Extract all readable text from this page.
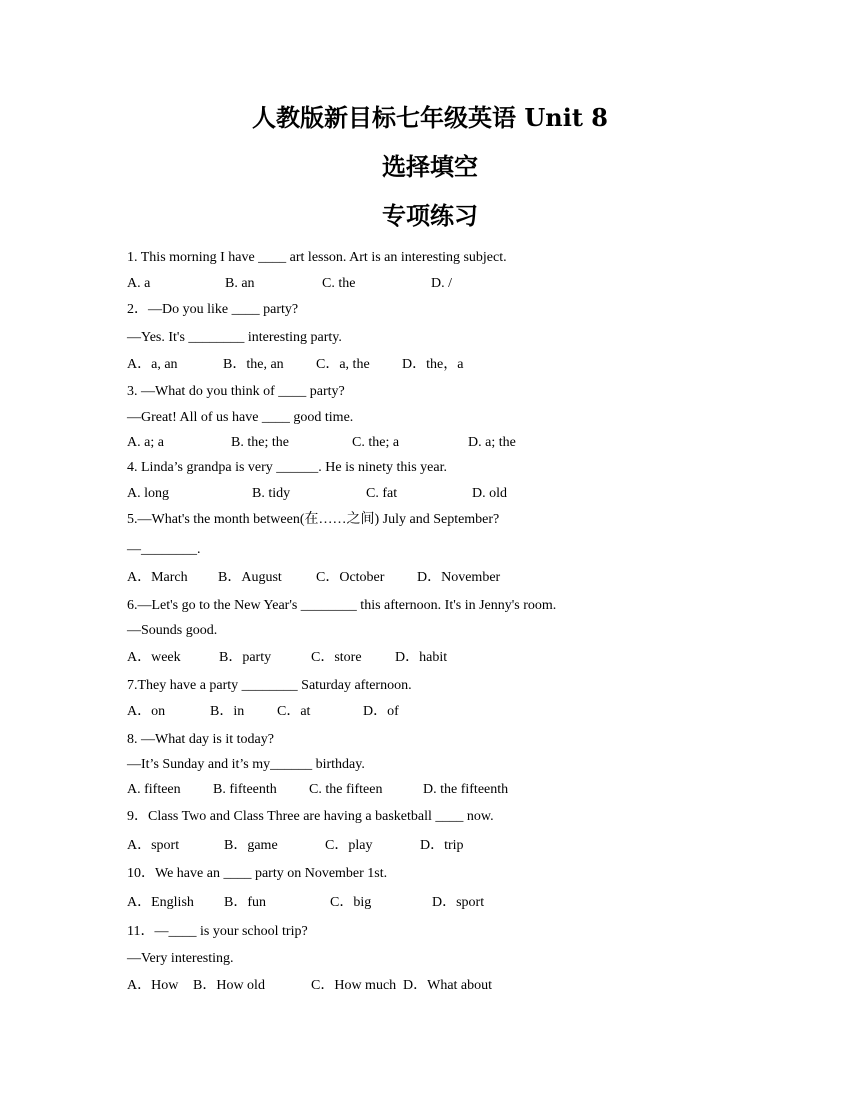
人教版新目标七年级英语 Unit 8
选择填空
专项练习
1. This morning I have ____ art lesson. Art is an interesting subject.
A. a	B. an	C. the	D. /
2．—Do you like ____ party?
—Yes. It's ________ interesting party.
A．a, an	B．the, an C．a, the D．the，a
3. —What do you think of ____ party?
—Great! All of us have ____ good time.
A. a; a	B. the; the	C. the; a	D. a; the
4. Linda’s grandpa is very ______. He is ninety this year.
A. long	B. tidy	C. fat	D. old
5.—What's the month between(在……之间) July and September?
—________.
A．March B．August C．October D．November
6.—Let's go to the New Year's ________ this afternoon. It's in Jenny's room.
—Sounds good.
A．week	B．party	C．store D．habit
7.They have a party ________ Saturday afternoon.
A．on	B．in C．at	D．of
8. —What day is it today?
—It’s Sunday and it’s my______ birthday.
A. fifteen B. fifteenth C. the fifteen	D. the fifteenth
9．Class Two and Class Three are having a basketball ____ now.
A．sport	B．game	C．play	D．trip
10．We have an ____ party on November 1st.
A．English B．fun	C．big	D．sport
11．—____ is your school trip?
—Very interesting.
A．How B．How old	C．How much D．What about
